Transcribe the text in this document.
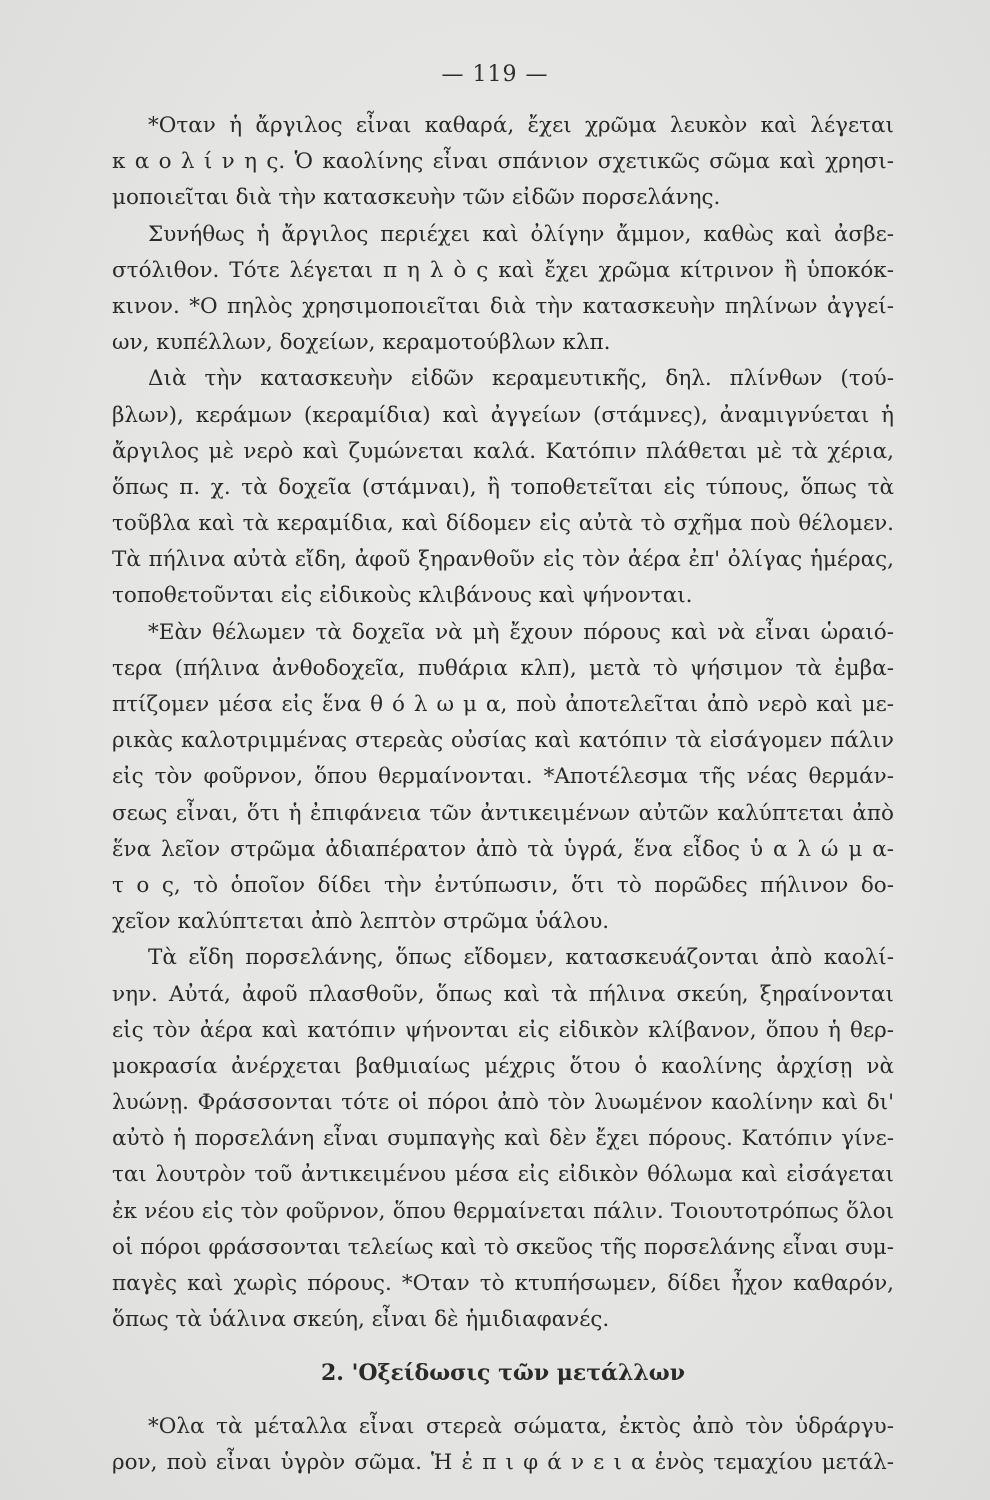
— 119 —
*Οταν ἡ ἄργιλος εἶναι καθαρά, ἔχει χρῶμα λευκὸν καὶ λέγεται
κ α ο λ ί ν η ς. Ὁ καολίνης εἶναι σπάνιον σχετικῶς σῶμα καὶ χρησι-
μοποιεῖται διὰ τὴν κατασκευὴν τῶν εἰδῶν πορσελάνης.
Συνήθως ἡ ἄργιλος περιέχει καὶ ὀλίγην ἄμμον, καθὼς καὶ ἀσβε-
στόλιθον. Τότε λέγεται π η λ ὸ ς καὶ ἔχει χρῶμα κίτρινον ἢ ὑποκόκ-
κινον. *Ο πηλὸς χρησιμοποιεῖται διὰ τὴν κατασκευὴν πηλίνων ἀγγεί-
ων, κυπέλλων, δοχείων, κεραμοτούβλων κλπ.
Διὰ τὴν κατασκευὴν εἰδῶν κεραμευτικῆς, δηλ. πλίνθων (τού-
βλων), κεράμων (κεραμίδια) καὶ ἀγγείων (στάμνες), ἀναμιγνύεται ἡ
ἄργιλος μὲ νερὸ καὶ ζυμώνεται καλά. Κατόπιν πλάθεται μὲ τὰ χέρια,
ὅπως π. χ. τὰ δοχεῖα (στάμναι), ἢ τοποθετεῖται εἰς τύπους, ὅπως τὰ
τοῦβλα καὶ τὰ κεραμίδια, καὶ δίδομεν εἰς αὐτὰ τὸ σχῆμα ποὺ θέλομεν.
Τὰ πήλινα αὐτὰ εἴδη, ἀφοῦ ξηρανθοῦν εἰς τὸν ἀέρα ἐπ' ὀλίγας ἡμέρας,
τοποθετοῦνται εἰς εἰδικοὺς κλιβάνους καὶ ψήνονται.
*Εὰν θέλωμεν τὰ δοχεῖα νὰ μὴ ἔχουν πόρους καὶ νὰ εἶναι ὡραιό-
τερα (πήλινα ἀνθοδοχεῖα, πυθάρια κλπ), μετὰ τὸ ψήσιμον τὰ ἐμβα-
πτίζομεν μέσα εἰς ἕνα θ ό λ ω μ α, ποὺ ἀποτελεῖται ἀπὸ νερὸ καὶ με-
ρικὰς καλοτριμμένας στερεὰς οὐσίας καὶ κατόπιν τὰ εἰσάγομεν πάλιν
εἰς τὸν φοῦρνον, ὅπου θερμαίνονται. *Αποτέλεσμα τῆς νέας θερμάν-
σεως εἶναι, ὅτι ἡ ἐπιφάνεια τῶν ἀντικειμένων αὐτῶν καλύπτεται ἀπὸ
ἕνα λεῖον στρῶμα ἀδιαπέρατον ἀπὸ τὰ ὑγρά, ἕνα εἶδος ὑ α λ ώ μ α-
τ ο ς, τὸ ὁποῖον δίδει τὴν ἐντύπωσιν, ὅτι τὸ πορῶδες πήλινον δο-
χεῖον καλύπτεται ἀπὸ λεπτὸν στρῶμα ὑάλου.
Τὰ εἴδη πορσελάνης, ὅπως εἴδομεν, κατασκευάζονται ἀπὸ καολί-
νην. Αὐτά, ἀφοῦ πλασθοῦν, ὅπως καὶ τὰ πήλινα σκεύη, ξηραίνονται
εἰς τὸν ἀέρα καὶ κατόπιν ψήνονται εἰς εἰδικὸν κλίβανον, ὅπου ἡ θερ-
μοκρασία ἀνέρχεται βαθμιαίως μέχρις ὅτου ὁ καολίνης ἀρχίσῃ νὰ
λυώνῃ. Φράσσονται τότε οἱ πόροι ἀπὸ τὸν λυωμένον καολίνην καὶ δι'
αὐτὸ ἡ πορσελάνη εἶναι συμπαγὴς καὶ δὲν ἔχει πόρους. Κατόπιν γίνε-
ται λουτρὸν τοῦ ἀντικειμένου μέσα εἰς εἰδικὸν θόλωμα καὶ εἰσάγεται
ἐκ νέου εἰς τὸν φοῦρνον, ὅπου θερμαίνεται πάλιν. Τοιουτοτρόπως ὅλοι
οἱ πόροι φράσσονται τελείως καὶ τὸ σκεῦος τῆς πορσελάνης εἶναι συμ-
παγὲς καὶ χωρὶς πόρους. *Οταν τὸ κτυπήσωμεν, δίδει ἦχον καθαρόν,
ὅπως τὰ ὑάλινα σκεύη, εἶναι δὲ ἡμιδιαφανές.
2. 'Οξείδωσις τῶν μετάλλων
*Ολα τὰ μέταλλα εἶναι στερεὰ σώματα, ἐκτὸς ἀπὸ τὸν ὑδράργυ-
ρον, ποὺ εἶναι ὑγρὸν σῶμα. Ἡ ἐ π ι φ ά ν ε ι α ἑνὸς τεμαχίου μετάλ-
